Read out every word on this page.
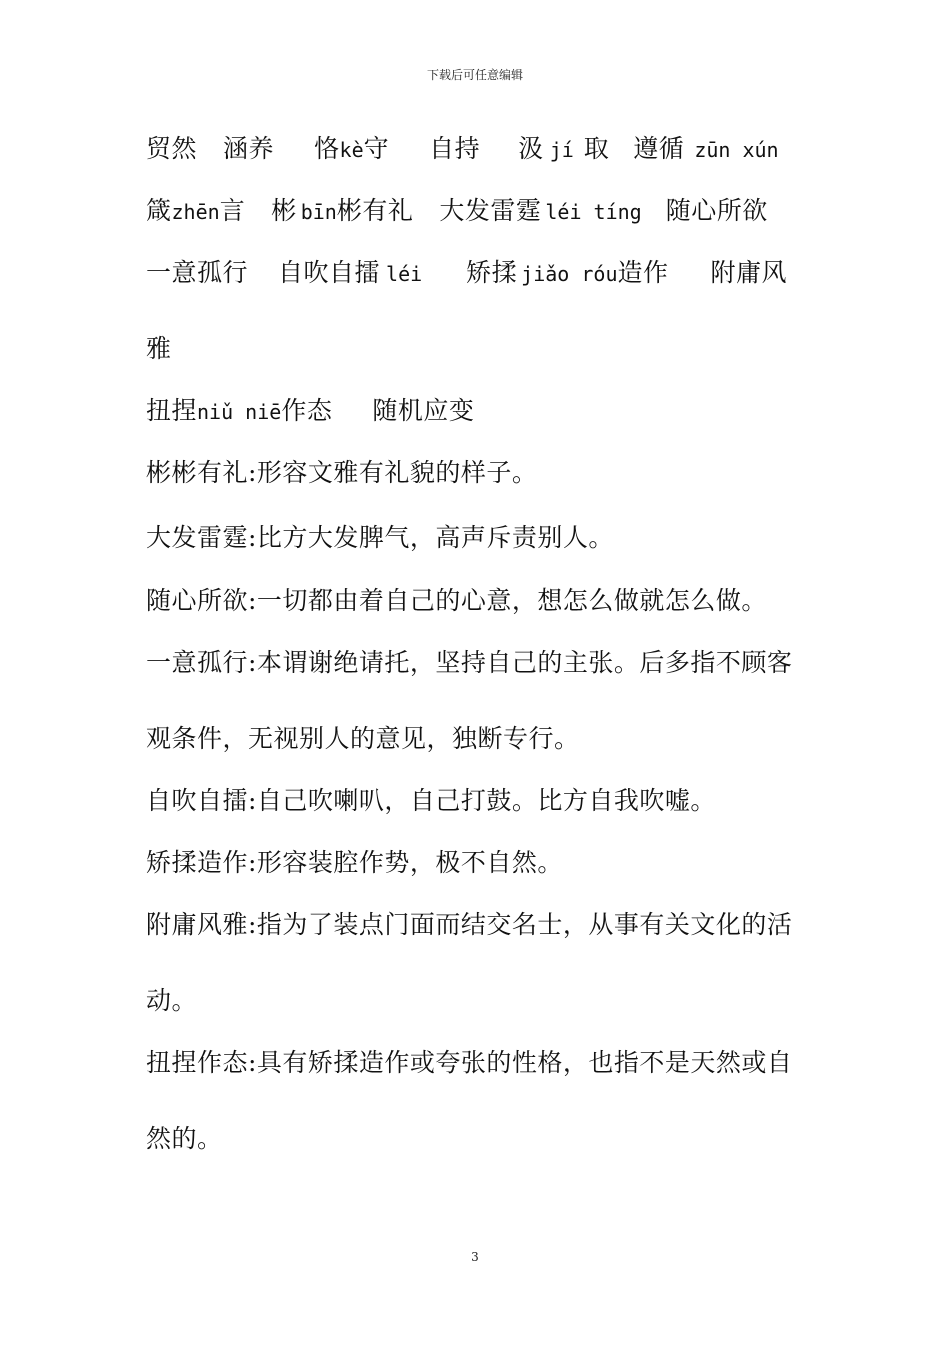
下载后可任意编辑
贸然 涵养 恪kè守 自持 汲 jí 取 遵循 zūn xún
箴zhēn言 彬 bīn彬有礼 大发雷霆 léi tíng 随心所欲
一意孤行 自吹自擂 léi 矫揉 jiǎo róu造作 附庸风
雅
扭捏niǔ niē作态 随机应变
彬彬有礼:形容文雅有礼貌的样子。
大发雷霆:比方大发脾气，高声斥责别人。
随心所欲:一切都由着自己的心意，想怎么做就怎么做。
一意孤行:本谓谢绝请托，坚持自己的主张。后多指不顾客
观条件，无视别人的意见，独断专行。
自吹自擂:自己吹喇叭，自己打鼓。比方自我吹嘘。
矫揉造作:形容装腔作势，极不自然。
附庸风雅:指为了装点门面而结交名士，从事有关文化的活
动。
扭捏作态:具有矫揉造作或夸张的性格，也指不是天然或自
然的。
3
